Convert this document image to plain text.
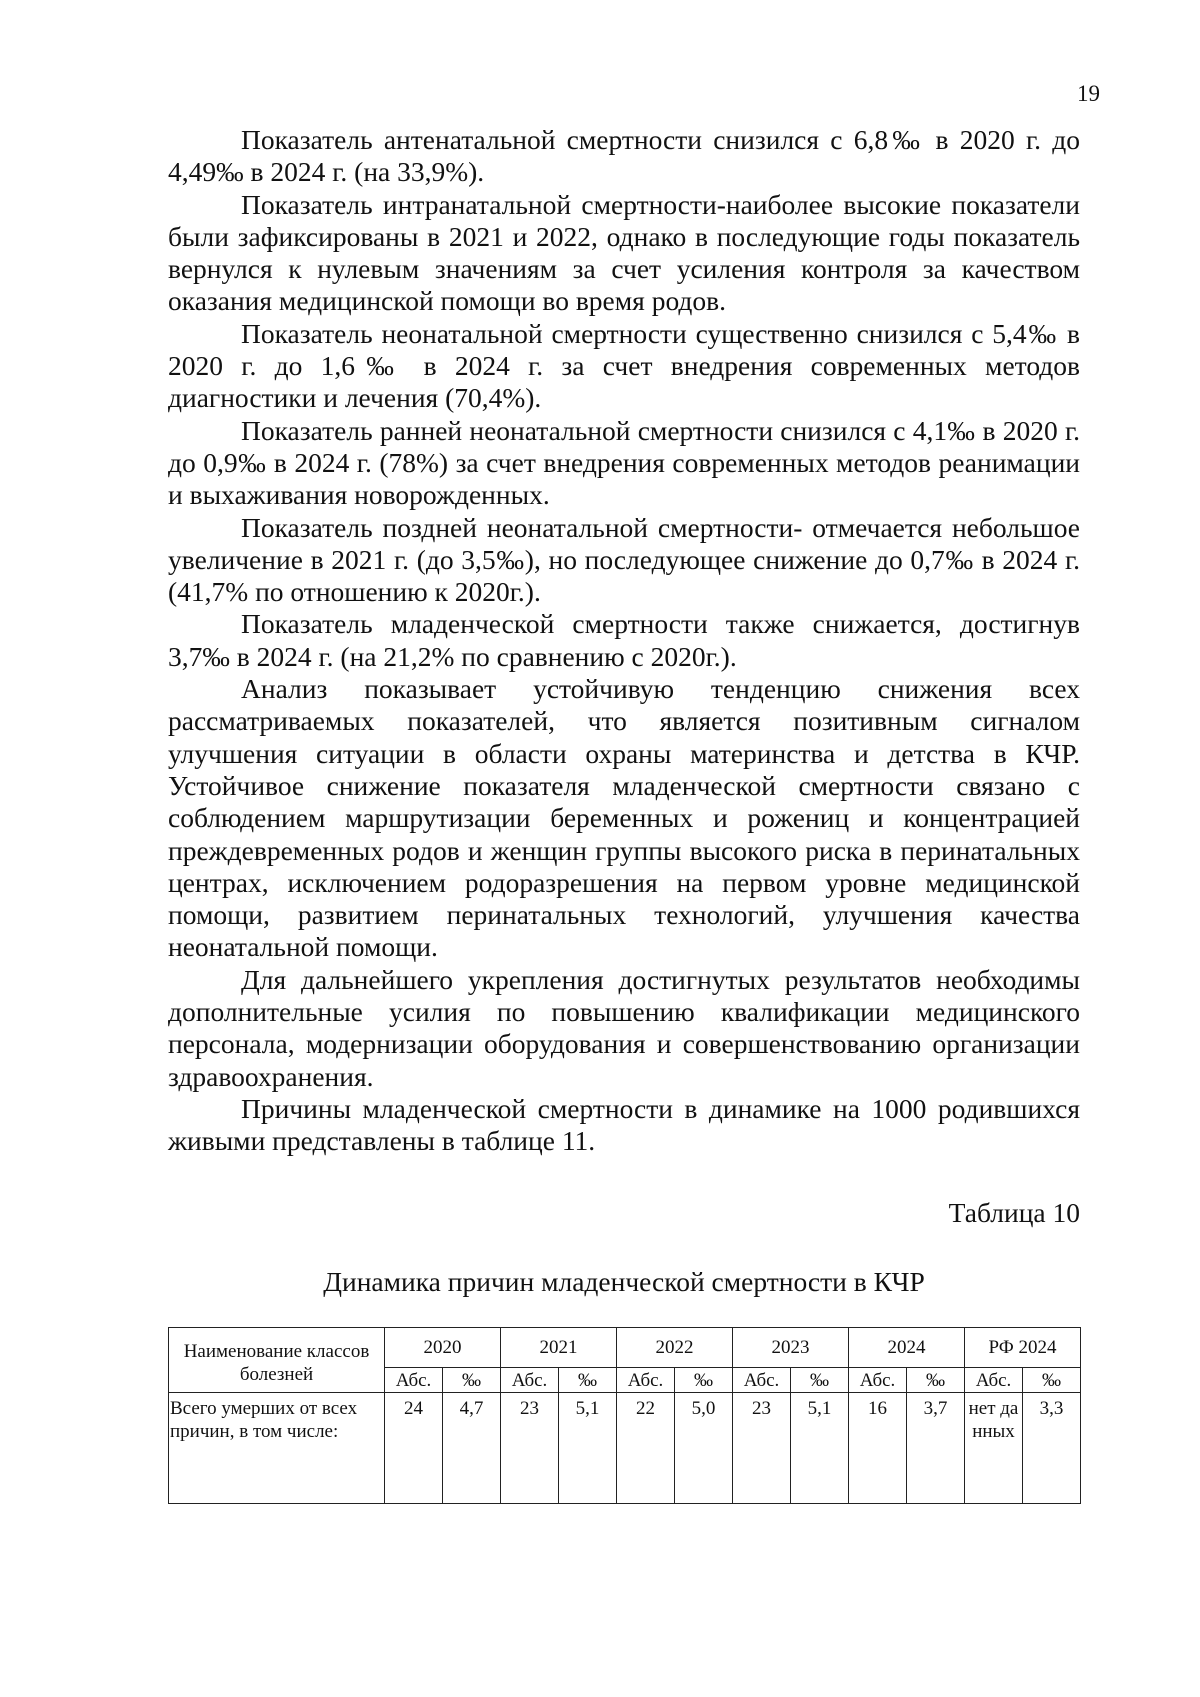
19

Показатель антенатальной смертности снизился с 6,8‰ в 2020 г. до 4,49‰ в 2024 г. (на 33,9%).

Показатель интранатальной смертности-наиболее высокие показатели были зафиксированы в 2021 и 2022, однако в последующие годы показатель вернулся к нулевым значениям за счет усиления контроля за качеством оказания медицинской помощи во время родов.

Показатель неонатальной смертности существенно снизился с 5,4‰ в 2020 г. до 1,6‰ в 2024 г. за счет внедрения современных методов диагностики и лечения (70,4%).

Показатель ранней неонатальной смертности снизился с 4,1‰ в 2020 г. до 0,9‰ в 2024 г. (78%) за счет внедрения современных методов реанимации и выхаживания новорожденных.

Показатель поздней неонатальной смертности- отмечается небольшое увеличение в 2021 г. (до 3,5‰), но последующее снижение до 0,7‰ в 2024 г. (41,7% по отношению к 2020г.).

Показатель младенческой смертности также снижается, достигнув 3,7‰ в 2024 г. (на 21,2% по сравнению с 2020г.).

Анализ показывает устойчивую тенденцию снижения всех рассматриваемых показателей, что является позитивным сигналом улучшения ситуации в области охраны материнства и детства в КЧР. Устойчивое снижение показателя младенческой смертности связано с соблюдением маршрутизации беременных и рожениц и концентрацией преждевременных родов и женщин группы высокого риска в перинатальных центрах, исключением родоразрешения на первом уровне медицинской помощи, развитием перинатальных технологий, улучшения качества неонатальной помощи.

Для дальнейшего укрепления достигнутых результатов необходимы дополнительные усилия по повышению квалификации медицинского персонала, модернизации оборудования и совершенствованию организации здравоохранения.

Причины младенческой смертности в динамике на 1000 родившихся живыми представлены в таблице 11.

Таблица 10
Динамика причин младенческой смертности в КЧР
Наименование классов болезней	2020		2021		2022		2023		2024		РФ 2024	
	Абс.	‰	Абс.	‰	Абс.	‰	Абс.	‰	Абс.	‰	Абс.	‰
Всего умерших от всех причин, в том числе:	24	4,7	23	5,1	22	5,0	23	5,1	16	3,7	нет данных	3,3
